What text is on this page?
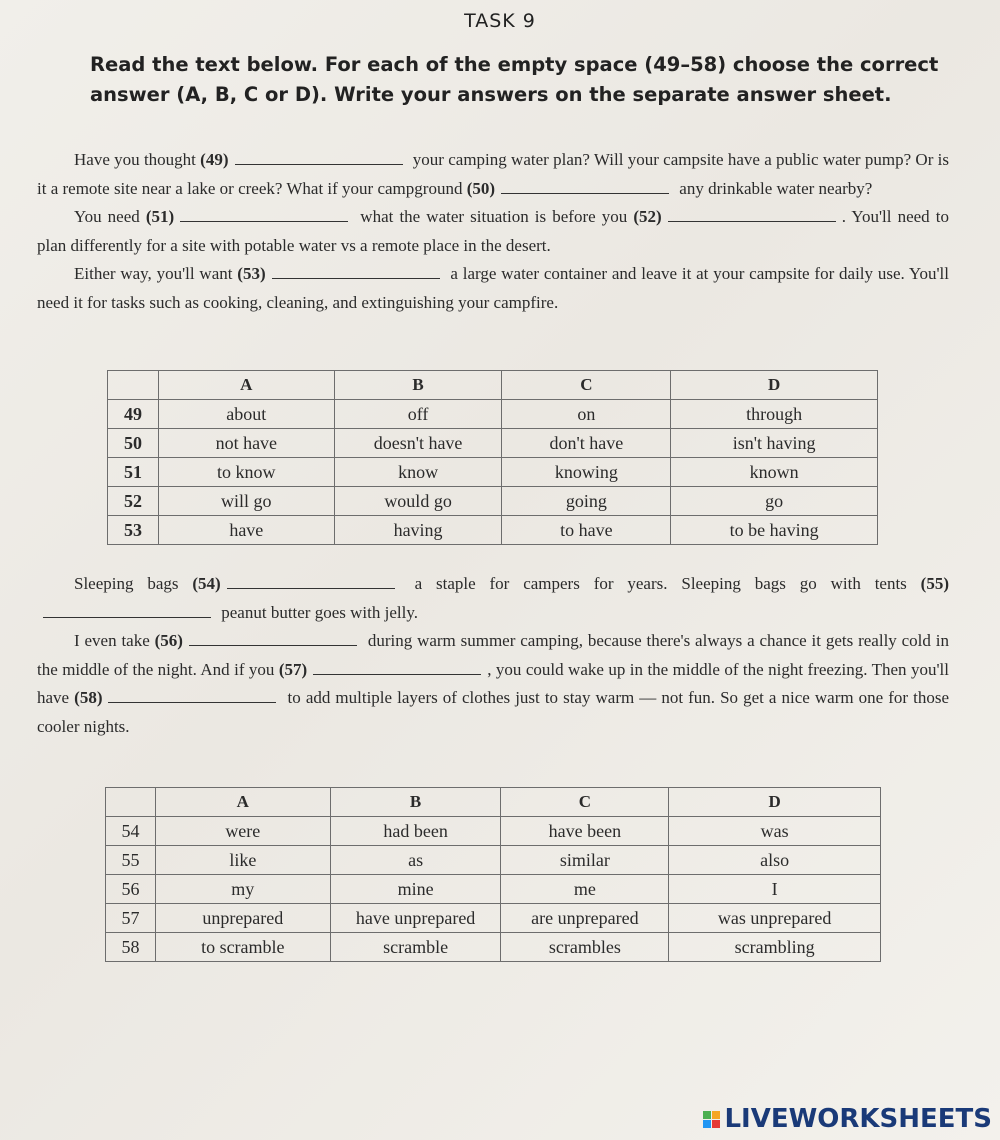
TASK 9
Read the text below. For each of the empty space (49–58) choose the correct answer (A, B, C or D). Write your answers on the separate answer sheet.

Have you thought (49)	your camping water plan? Will your campsite have a public water pump? Or is it a remote site near a lake or creek? What if your campground (50)	any drinkable water nearby?

You need (51)	what the water situation is before you (52)	. You'll need to plan differently for a site with potable water vs a remote place in the desert.

Either way, you'll want (53)	a large water container and leave it at your campsite for daily use. You'll need it for tasks such as cooking, cleaning, and extinguishing your campfire.

	A	B	C	D
49	about	off	on	through
50	not have	doesn't have	don't have	isn't having
51	to know	know	knowing	known
52	will go	would go	going	go
53	have	having	to have	to be having

Sleeping bags (54)	a staple for campers for years. Sleeping bags go with tents (55) peanut butter goes with jelly.

I even take (56)	during warm summer camping, because there's always a chance it gets really cold in the middle of the night. And if you (57)	, you could wake up in the middle of the night freezing. Then you'll have (58)	to add multiple layers of clothes just to stay warm — not fun. So get a nice warm one for those cooler nights.

	A	B	C	D
54	were	had been	have been	was
55	like	as	similar	also
56	my	mine	me	I
57	unprepared	have unprepared	are unprepared	was unprepared
58	to scramble	scramble	scrambles	scrambling
LIVEWORKSHEETS
